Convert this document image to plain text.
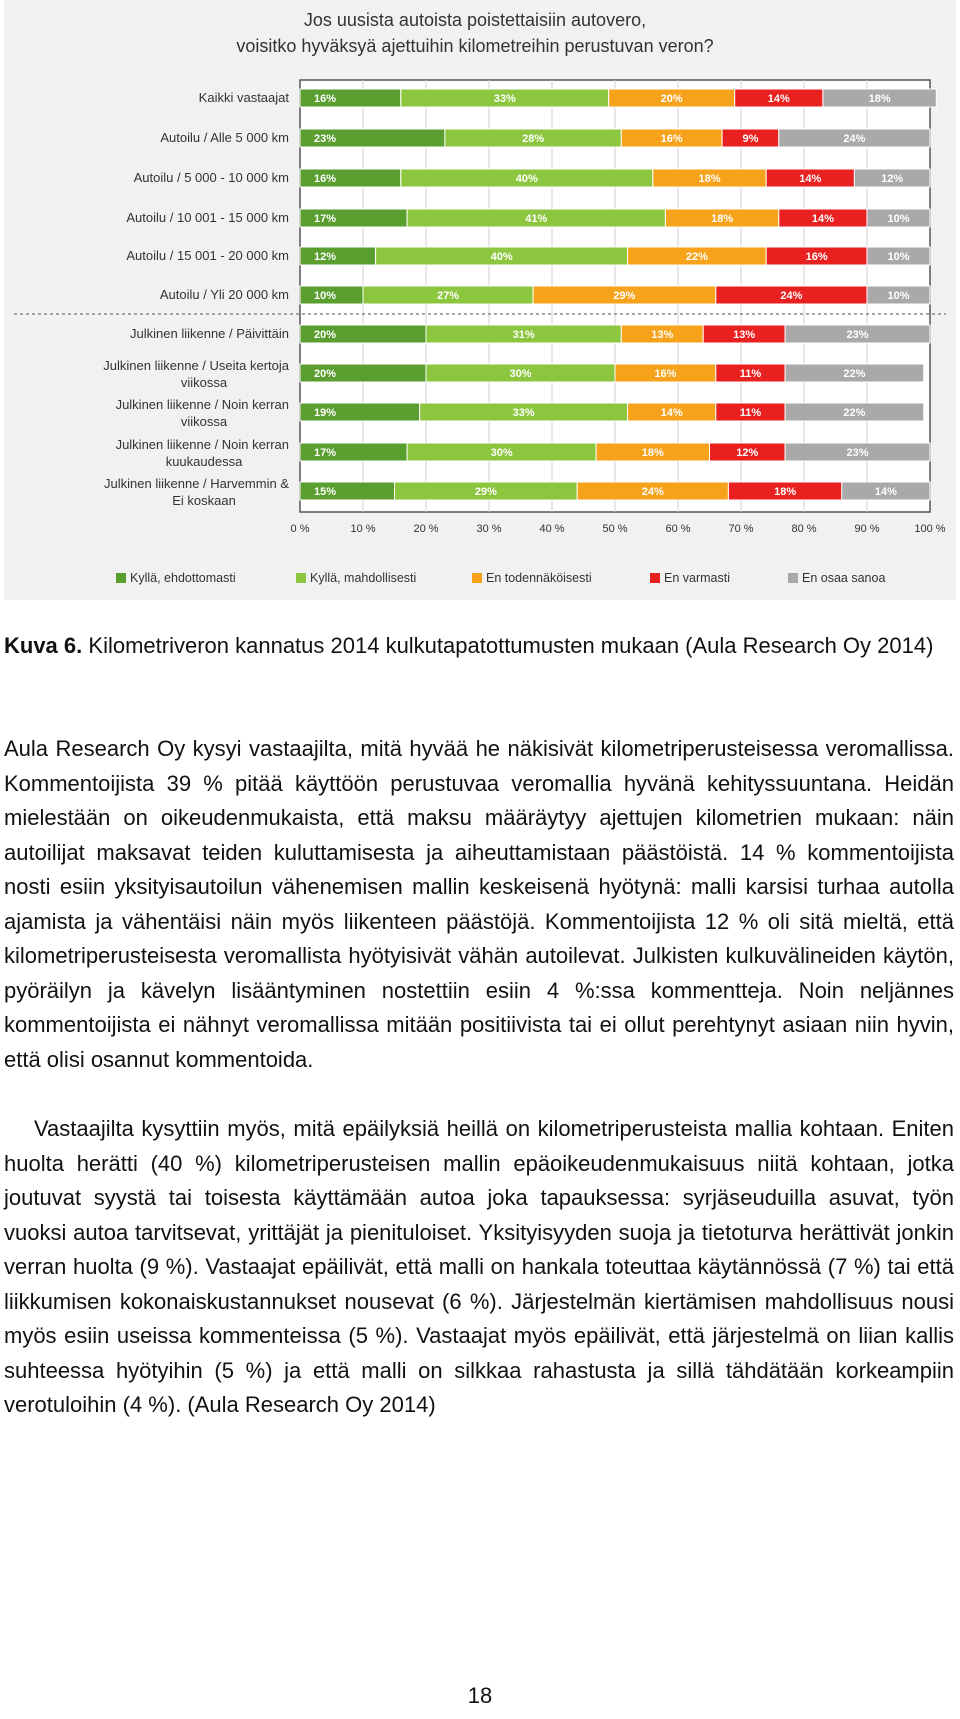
Jos uusista autoista poistettaisiin autovero,
voisitko hyväksyä ajettuihin kilometreihin perustuvan veron?
Kaikki vastaajat
Autoilu / Alle 5 000 km
Autoilu / 5 000 - 10 000 km
Autoilu / 10 001 - 15 000 km
Autoilu / 15 001 - 20 000 km
Autoilu / Yli 20 000 km
Julkinen liikenne / Päivittäin
Julkinen liikenne / Useita kertoja
viikossa
Julkinen liikenne / Noin kerran
viikossa
Julkinen liikenne / Noin kerran
kuukaudessa
Julkinen liikenne / Harvemmin &
Ei koskaan
16%	33%	20%	14%	18%
23%	28%	16%	9%	24%
16%	40%	18%	14%	12%
17%	41%	18%	14%	10%
12%	40%	22%	16%	10%
10%	27%	29%	24%	10%
20%	31%	13%	13%	23%
20%	30%	16%	11%	22%
19%	33%	14%	11%	22%
17%	30%	18%	12%	23%
15%	29%	24%	18%	14%
0 %	10 %	20 %	30 %	40 %	50 %	60 %	70 %	80 %	90 %	100 %
Kyllä, ehdottomasti	Kyllä, mahdollisesti	En todennäköisesti	En varmasti	En osaa sanoa
Kuva 6. Kilometriveron kannatus 2014 kulkutapatottumusten mukaan (Aula Research Oy 2014)

Aula Research Oy kysyi vastaajilta, mitä hyvää he näkisivät kilometriperusteisessa veromallissa. Kommentoijista 39 % pitää käyttöön perustuvaa veromallia hyvänä kehityssuuntana. Heidän mielestään on oikeudenmukaista, että maksu määräytyy ajettujen kilometrien mukaan: näin autoilijat maksavat teiden kuluttamisesta ja aiheuttamistaan päästöistä. 14 % kommentoijista nosti esiin yksityisautoilun vähenemisen mallin keskeisenä hyötynä: malli karsisi turhaa autolla ajamista ja vähentäisi näin myös liikenteen päästöjä. Kommentoijista 12 % oli sitä mieltä, että kilometriperusteisesta veromallista hyötyisivät vähän autoilevat. Julkisten kulkuvälineiden käytön, pyöräilyn ja kävelyn lisääntyminen nostettiin esiin 4 %:ssa kommentteja. Noin neljännes kommentoijista ei nähnyt veromallissa mitään positiivista tai ei ollut perehtynyt asiaan niin hyvin, että olisi osannut kommentoida.

Vastaajilta kysyttiin myös, mitä epäilyksiä heillä on kilometriperusteista mallia kohtaan. Eniten huolta herätti (40 %) kilometriperusteisen mallin epäoikeudenmukaisuus niitä kohtaan, jotka joutuvat syystä tai toisesta käyttämään autoa joka tapauksessa: syrjäseuduilla asuvat, työn vuoksi autoa tarvitsevat, yrittäjät ja pienituloiset. Yksityisyyden suoja ja tietoturva herättivät jonkin verran huolta (9 %). Vastaajat epäilivät, että malli on hankala toteuttaa käytännössä (7 %) tai että liikkumisen kokonaiskustannukset nousevat (6 %). Järjestelmän kiertämisen mahdollisuus nousi myös esiin useissa kommenteissa (5 %). Vastaajat myös epäilivät, että järjestelmä on liian kallis suhteessa hyötyihin (5 %) ja että malli on silkkaa rahastusta ja sillä tähdätään korkeampiin verotuloihin (4 %). (Aula Research Oy 2014)

18
